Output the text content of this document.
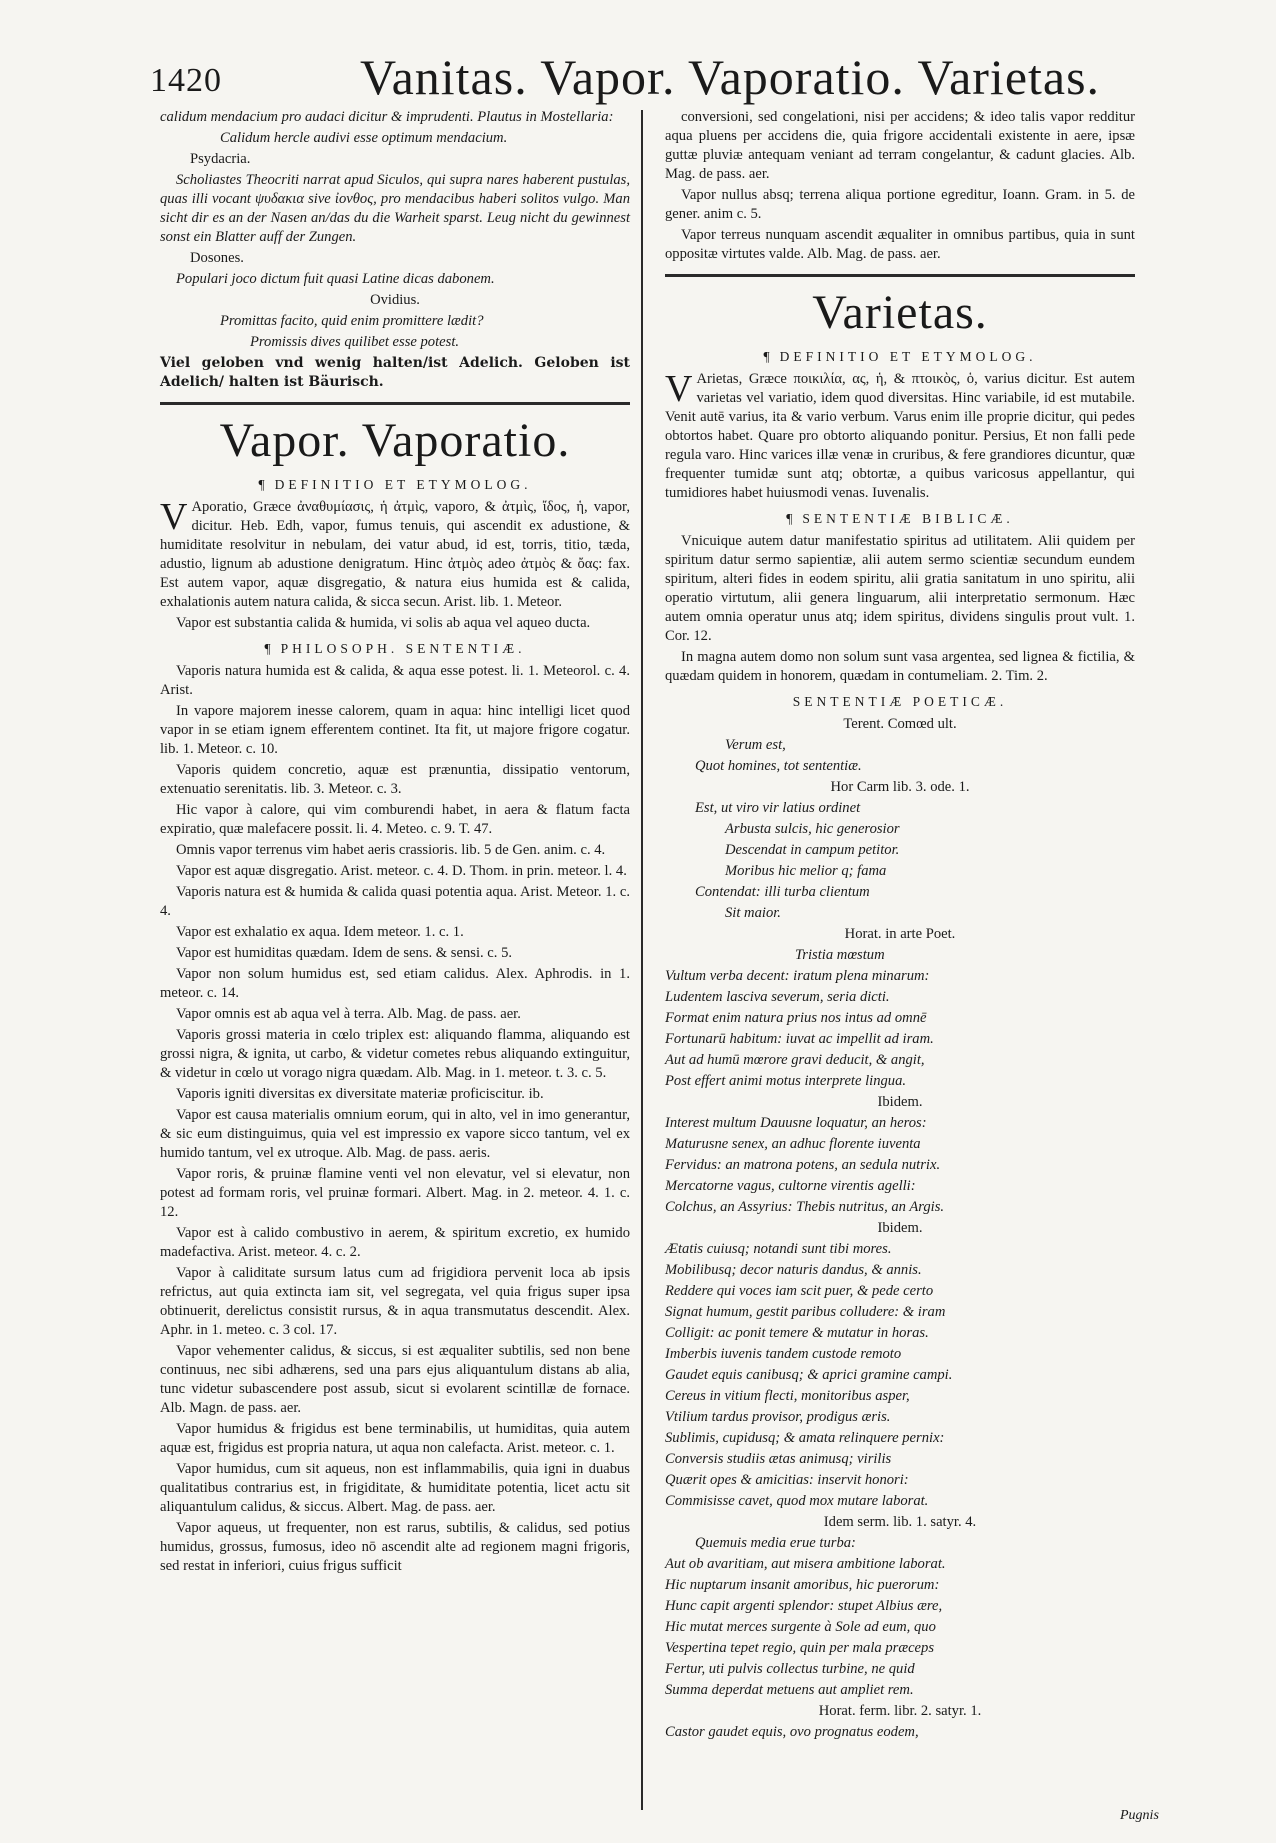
1420	Vanitas. Vapor. Vaporatio. Varietas.

calidum mendacium pro audaci dicitur & imprudenti. Plautus in Mostellaria:

Calidum hercle audivi esse optimum mendacium.

Psydacria.

Scholiastes Theocriti narrat apud Siculos, qui supra nares haberent pustulas, quas illi vocant ψυδακια sive ἰονθος, pro mendacibus haberi solitos vulgo. Man sicht dir es an der Nasen an/das du die Warheit sparst. Leug nicht du gewinnest sonst ein Blatter auff der Zungen.

Dosones.

Populari joco dictum fuit quasi Latine dicas dabonem.

Ovidius.

Promittas facito, quid enim promittere lædit?

Promissis dives quilibet esse potest.

Viel geloben vnd wenig halten/ist Adelich. Geloben ist Adelich/ halten ist Bäurisch.

Vapor. Vaporatio.
¶ DEFINITIO ET ETYMOLOG.

V Aporatio, Græce ἀναθυμίασις, ἡ ἀτμὶς, vaporo, & ἀτμὶς, ἴδος, ἡ, vapor, dicitur. Heb. Edh, vapor, fumus tenuis, qui ascendit ex adustione, & humiditate resolvitur in nebulam, dei vatur abud, id est, torris, titio, tæda, adustio, lignum ab adustione denigratum. Hinc ἀτμὸς adeo ἀτμὸς & ὄας: fax. Est autem vapor, aquæ disgregatio, & natura eius humida est & calida, exhalationis autem natura calida, & sicca secun. Arist. lib. 1. Meteor.

Vapor est substantia calida & humida, vi solis ab aqua vel aqueo ducta.

¶ PHILOSOPH. SENTENTIÆ.

Vaporis natura humida est & calida, & aqua esse potest. li. 1. Meteorol. c. 4. Arist.

In vapore majorem inesse calorem, quam in aqua: hinc intelligi licet quod vapor in se etiam ignem efferentem continet. Ita fit, ut majore frigore cogatur. lib. 1. Meteor. c. 10.

Vaporis quidem concretio, aquæ est prænuntia, dissipatio ventorum, extenuatio serenitatis. lib. 3. Meteor. c. 3.

Hic vapor à calore, qui vim comburendi habet, in aera & flatum facta expiratio, quæ malefacere possit. li. 4. Meteo. c. 9. T. 47.

Omnis vapor terrenus vim habet aeris crassioris. lib. 5 de Gen. anim. c. 4.

Vapor est aquæ disgregatio. Arist. meteor. c. 4. D. Thom. in prin. meteor. l. 4.

Vaporis natura est & humida & calida quasi potentia aqua. Arist. Meteor. 1. c. 4.

Vapor est exhalatio ex aqua. Idem meteor. 1. c. 1.

Vapor est humiditas quædam. Idem de sens. & sensi. c. 5.

Vapor non solum humidus est, sed etiam calidus. Alex. Aphrodis. in 1. meteor. c. 14.

Vapor omnis est ab aqua vel à terra. Alb. Mag. de pass. aer.

Vaporis grossi materia in cœlo triplex est: aliquando flamma, aliquando est grossi nigra, & ignita, ut carbo, & videtur cometes rebus aliquando extinguitur, & videtur in cœlo ut vorago nigra quædam. Alb. Mag. in 1. meteor. t. 3. c. 5.

Vaporis igniti diversitas ex diversitate materiæ proficiscitur. ib.

Vapor est causa materialis omnium eorum, qui in alto, vel in imo generantur, & sic eum distinguimus, quia vel est impressio ex vapore sicco tantum, vel ex humido tantum, vel ex utroque. Alb. Mag. de pass. aeris.

Vapor roris, & pruinæ flamine venti vel non elevatur, vel si elevatur, non potest ad formam roris, vel pruinæ formari. Albert. Mag. in 2. meteor. 4. 1. c. 12.

Vapor est à calido combustivo in aerem, & spiritum excretio, ex humido madefactiva. Arist. meteor. 4. c. 2.

Vapor à caliditate sursum latus cum ad frigidiora pervenit loca ab ipsis refrictus, aut quia extincta iam sit, vel segregata, vel quia frigus super ipsa obtinuerit, derelictus consistit rursus, & in aqua transmutatus descendit. Alex. Aphr. in 1. meteo. c. 3 col. 17.

Vapor vehementer calidus, & siccus, si est æqualiter subtilis, sed non bene continuus, nec sibi adhærens, sed una pars ejus aliquantulum distans ab alia, tunc videtur subascendere post assub, sicut si evolarent scintillæ de fornace. Alb. Magn. de pass. aer.

Vapor humidus & frigidus est bene terminabilis, ut humiditas, quia autem aquæ est, frigidus est propria natura, ut aqua non calefacta. Arist. meteor. c. 1.

Vapor humidus, cum sit aqueus, non est inflammabilis, quia igni in duabus qualitatibus contrarius est, in frigiditate, & humiditate potentia, licet actu sit aliquantulum calidus, & siccus. Albert. Mag. de pass. aer.

Vapor aqueus, ut frequenter, non est rarus, subtilis, & calidus, sed potius humidus, grossus, fumosus, ideo nō ascendit alte ad regionem magni frigoris, sed restat in inferiori, cuius frigus sufficit

conversioni, sed congelationi, nisi per accidens; & ideo talis vapor redditur aqua pluens per accidens die, quia frigore accidentali existente in aere, ipsæ guttæ pluviæ antequam veniant ad terram congelantur, & cadunt glacies. Alb. Mag. de pass. aer.

Vapor nullus absq; terrena aliqua portione egreditur, Ioann. Gram. in 5. de gener. anim c. 5.

Vapor terreus nunquam ascendit æqualiter in omnibus partibus, quia in sunt oppositæ virtutes valde. Alb. Mag. de pass. aer.

Varietas.
¶ DEFINITIO ET ETYMOLOG.

V Arietas, Græce ποικιλία, ας, ἡ, & πτοικὸς, ὁ, varius dicitur. Est autem varietas vel variatio, idem quod diversitas. Hinc variabile, id est mutabile. Venit autē varius, ita & vario verbum. Varus enim ille proprie dicitur, qui pedes obtortos habet. Quare pro obtorto aliquando ponitur. Persius, Et non falli pede regula varo. Hinc varices illæ venæ in cruribus, & fere grandiores dicuntur, quæ frequenter tumidæ sunt atq; obtortæ, a quibus varicosus appellantur, qui tumidiores habet huiusmodi venas. Iuvenalis.

¶ SENTENTIÆ BIBLICÆ.

Vnicuique autem datur manifestatio spiritus ad utilitatem. Alii quidem per spiritum datur sermo sapientiæ, alii autem sermo scientiæ secundum eundem spiritum, alteri fides in eodem spiritu, alii gratia sanitatum in uno spiritu, alii operatio virtutum, alii genera linguarum, alii interpretatio sermonum. Hæc autem omnia operatur unus atq; idem spiritus, dividens singulis prout vult. 1. Cor. 12.

In magna autem domo non solum sunt vasa argentea, sed lignea & fictilia, & quædam quidem in honorem, quædam in contumeliam. 2. Tim. 2.

SENTENTIÆ POETICÆ.

Terent. Comœd ult.

Verum est,

Quot homines, tot sententiæ.

Hor Carm lib. 3. ode. 1.

Est, ut viro vir latius ordinet

Arbusta sulcis, hic generosior

Descendat in campum petitor.

Moribus hic melior q; fama

Contendat: illi turba clientum

Sit maior.

Horat. in arte Poet.

Tristia mœstum

Vultum verba decent: iratum plena minarum:

Ludentem lasciva severum, seria dicti.

Format enim natura prius nos intus ad omnē

Fortunarū habitum: iuvat ac impellit ad iram.

Aut ad humū mœrore gravi deducit, & angit,

Post effert animi motus interprete lingua.

Ibidem.

Interest multum Dauusne loquatur, an heros:

Maturusne senex, an adhuc florente iuventa

Fervidus: an matrona potens, an sedula nutrix.

Mercatorne vagus, cultorne virentis agelli:

Colchus, an Assyrius: Thebis nutritus, an Argis.

Ibidem.

Ætatis cuiusq; notandi sunt tibi mores.

Mobilibusq; decor naturis dandus, & annis.

Reddere qui voces iam scit puer, & pede certo

Signat humum, gestit paribus colludere: & iram

Colligit: ac ponit temere & mutatur in horas.

Imberbis iuvenis tandem custode remoto

Gaudet equis canibusq; & aprici gramine campi.

Cereus in vitium flecti, monitoribus asper,

Vtilium tardus provisor, prodigus æris.

Sublimis, cupidusq; & amata relinquere pernix:

Conversis studiis ætas animusq; virilis

Quærit opes & amicitias: inservit honori:

Commisisse cavet, quod mox mutare laborat.

Idem serm. lib. 1. satyr. 4.

Quemuis media erue turba:

Aut ob avaritiam, aut misera ambitione laborat.

Hic nuptarum insanit amoribus, hic puerorum:

Hunc capit argenti splendor: stupet Albius ære,

Hic mutat merces surgente à Sole ad eum, quo

Vespertina tepet regio, quin per mala præceps

Fertur, uti pulvis collectus turbine, ne quid

Summa deperdat metuens aut ampliet rem.

Horat. ferm. libr. 2. satyr. 1.

Castor gaudet equis, ovo prognatus eodem,

Pugnis
